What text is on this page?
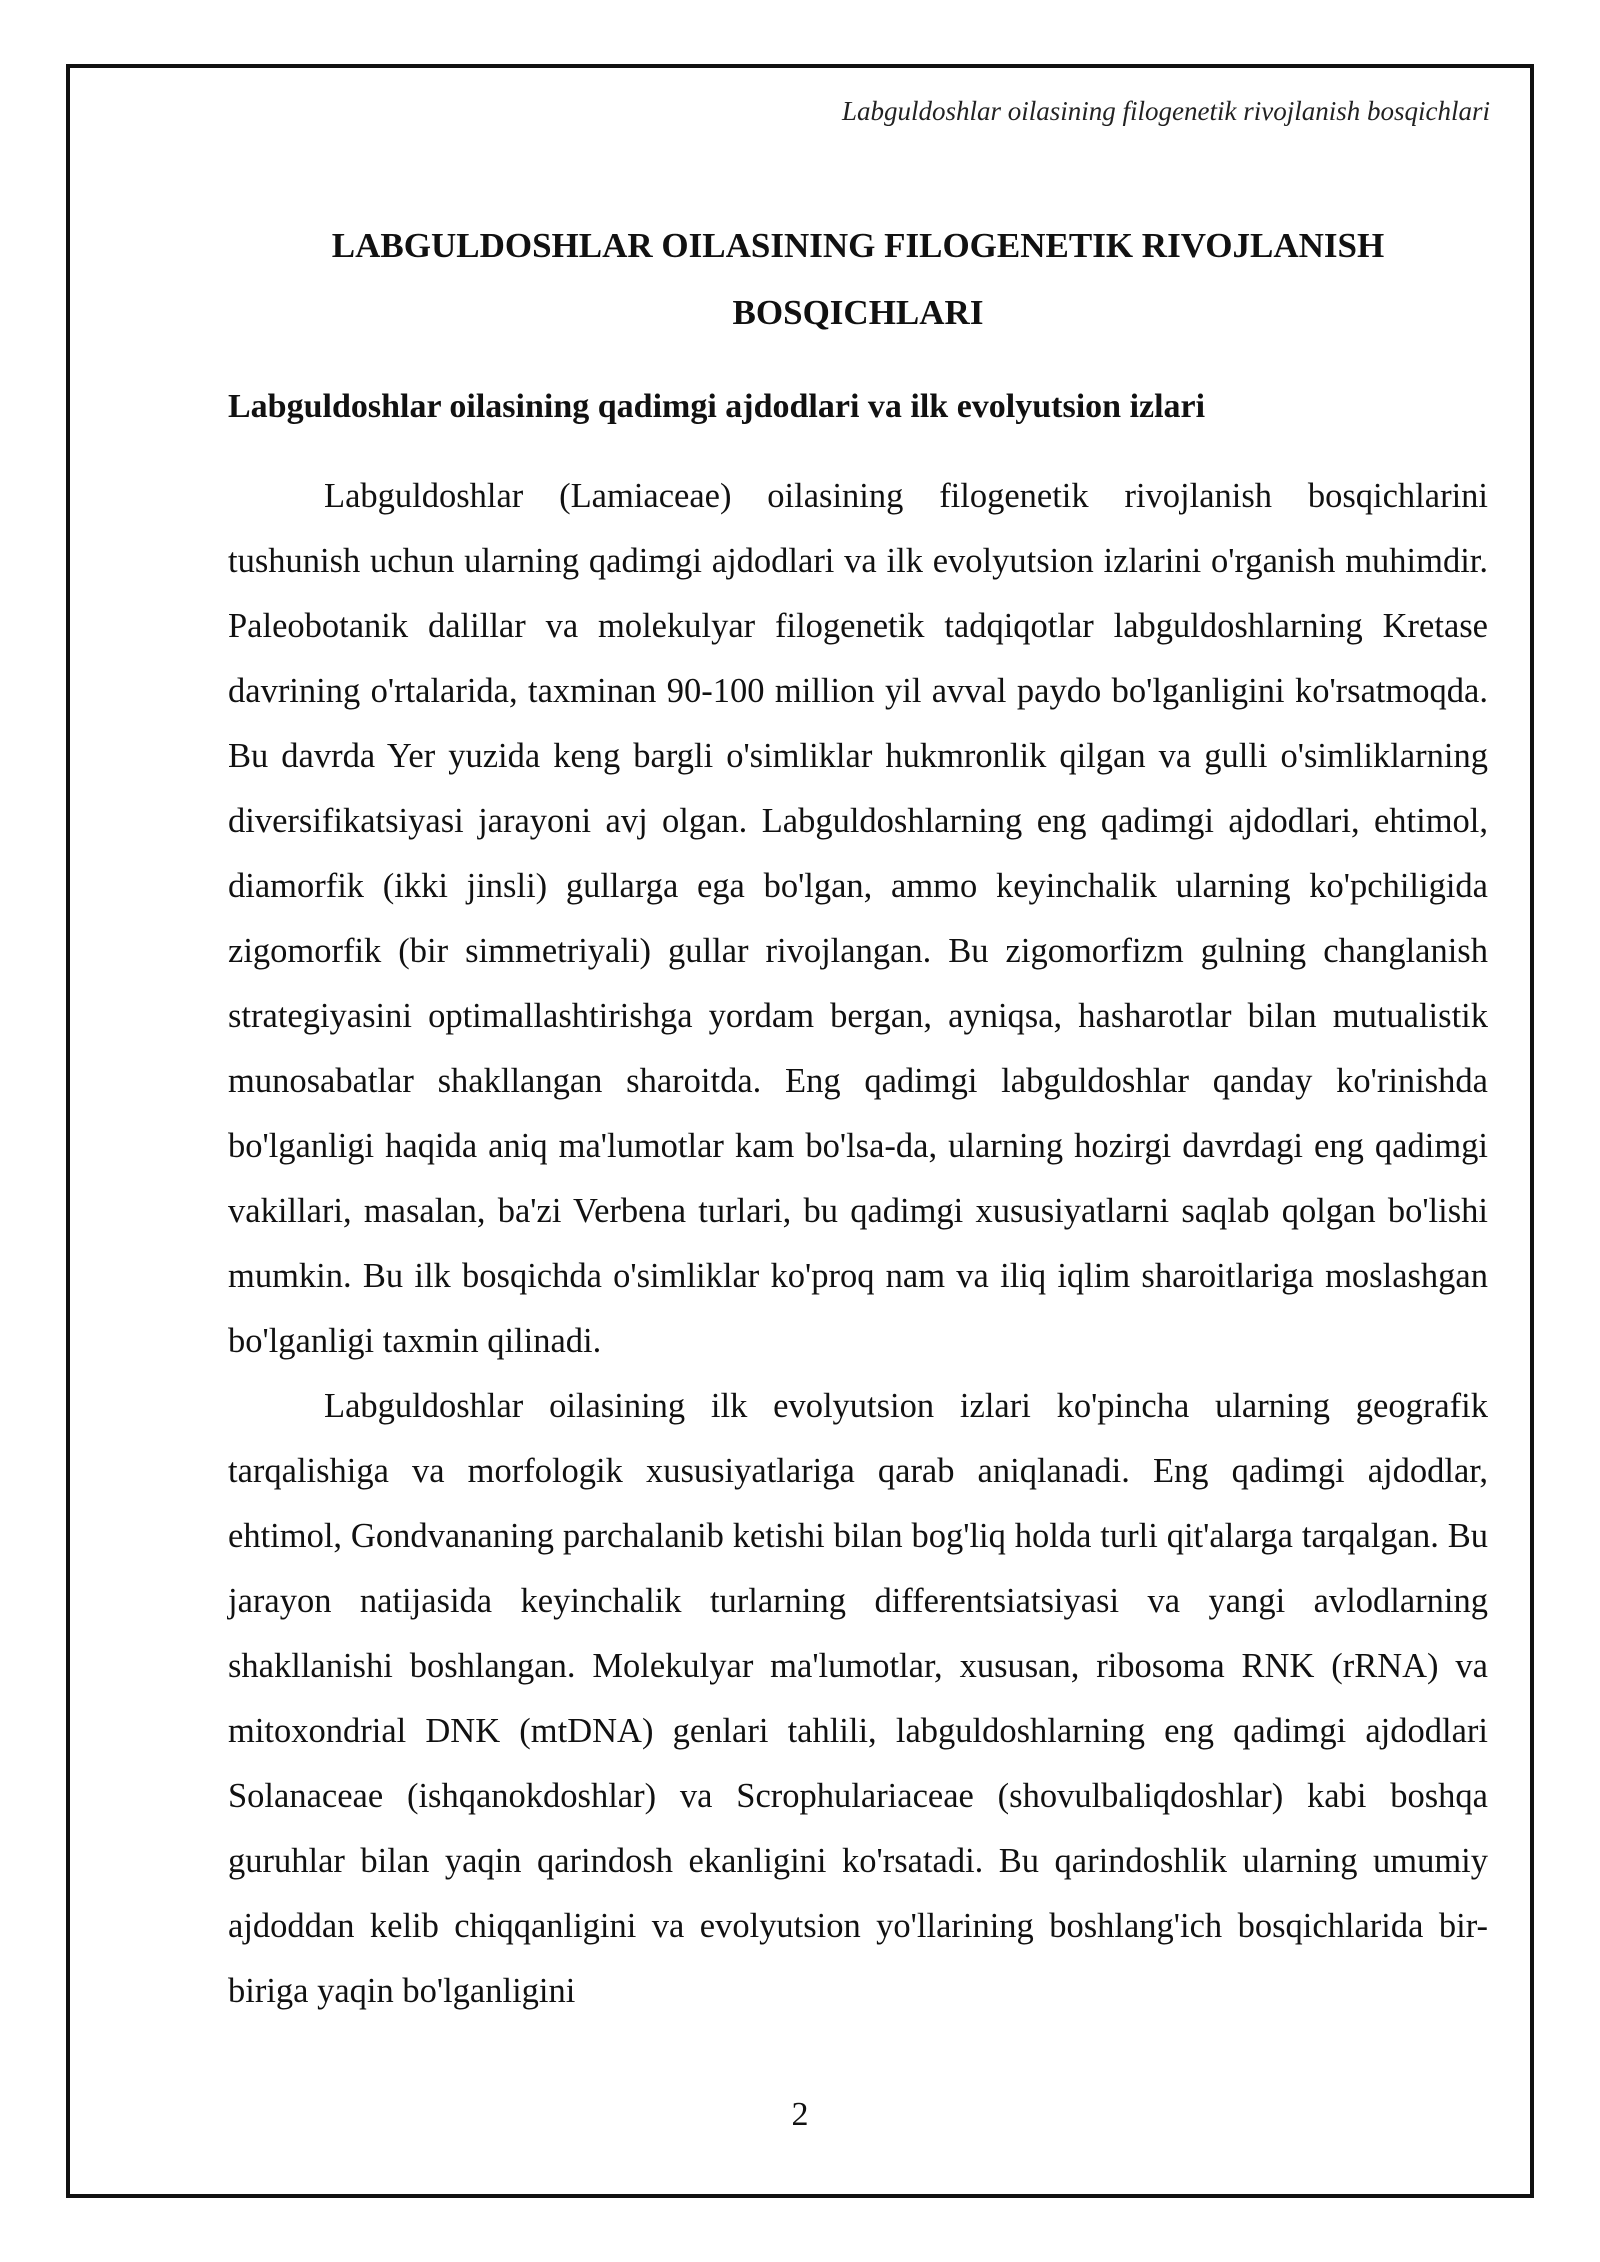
Labguldoshlar oilasining filogenetik rivojlanish bosqichlari
LABGULDOSHLAR OILASINING FILOGENETIK RIVOJLANISH BOSQICHLARI
Labguldoshlar oilasining qadimgi ajdodlari va ilk evolyutsion izlari

Labguldoshlar (Lamiaceae) oilasining filogenetik rivojlanish bosqichlarini tushunish uchun ularning qadimgi ajdodlari va ilk evolyutsion izlarini o'rganish muhimdir. Paleobotanik dalillar va molekulyar filogenetik tadqiqotlar labguldoshlarning Kretase davrining o'rtalarida, taxminan 90-100 million yil avval paydo bo'lganligini ko'rsatmoqda. Bu davrda Yer yuzida keng bargli o'simliklar hukmronlik qilgan va gulli o'simliklarning diversifikatsiyasi jarayoni avj olgan. Labguldoshlarning eng qadimgi ajdodlari, ehtimol, diamorfik (ikki jinsli) gullarga ega bo'lgan, ammo keyinchalik ularning ko'pchiligida zigomorfik (bir simmetriyali) gullar rivojlangan. Bu zigomorfizm gulning changlanish strategiyasini optimallashtirishga yordam bergan, ayniqsa, hasharotlar bilan mutualistik munosabatlar shakllangan sharoitda. Eng qadimgi labguldoshlar qanday ko'rinishda bo'lganligi haqida aniq ma'lumotlar kam bo'lsa-da, ularning hozirgi davrdagi eng qadimgi vakillari, masalan, ba'zi Verbena turlari, bu qadimgi xususiyatlarni saqlab qolgan bo'lishi mumkin. Bu ilk bosqichda o'simliklar ko'proq nam va iliq iqlim sharoitlariga moslashgan bo'lganligi taxmin qilinadi.

Labguldoshlar oilasining ilk evolyutsion izlari ko'pincha ularning geografik tarqalishiga va morfologik xususiyatlariga qarab aniqlanadi. Eng qadimgi ajdodlar, ehtimol, Gondvananing parchalanib ketishi bilan bog'liq holda turli qit'alarga tarqalgan. Bu jarayon natijasida keyinchalik turlarning differentsiatsiyasi va yangi avlodlarning shakllanishi boshlangan. Molekulyar ma'lumotlar, xususan, ribosoma RNK (rRNA) va mitoxondrial DNK (mtDNA) genlari tahlili, labguldoshlarning eng qadimgi ajdodlari Solanaceae (ishqanokdoshlar) va Scrophulariaceae (shovulbaliqdoshlar) kabi boshqa guruhlar bilan yaqin qarindosh ekanligini ko'rsatadi. Bu qarindoshlik ularning umumiy ajdoddan kelib chiqqanligini va evolyutsion yo'llarining boshlang'ich bosqichlarida bir-biriga yaqin bo'lganligini

2
